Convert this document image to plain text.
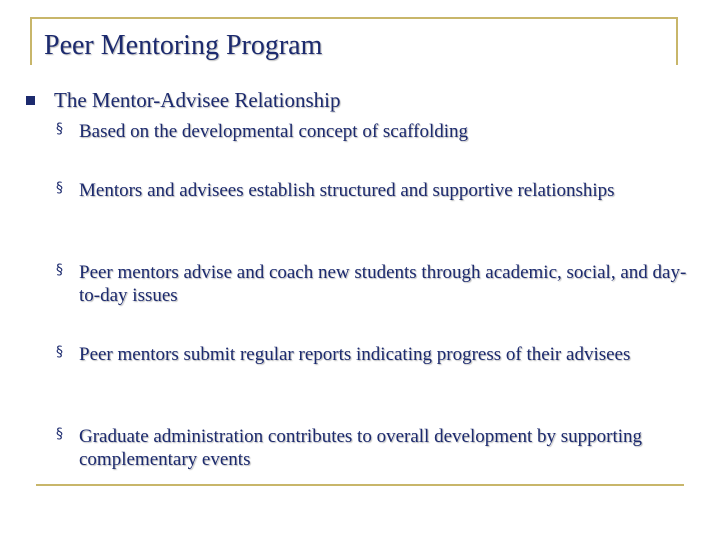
Peer Mentoring Program
The Mentor-Advisee Relationship
§ Based on the developmental concept of scaffolding
§ Mentors and advisees establish structured and supportive relationships
§ Peer mentors advise and coach new students through academic, social, and day-to-day issues
§ Peer mentors submit regular reports indicating progress of their advisees
§ Graduate administration contributes to overall development by supporting complementary events
